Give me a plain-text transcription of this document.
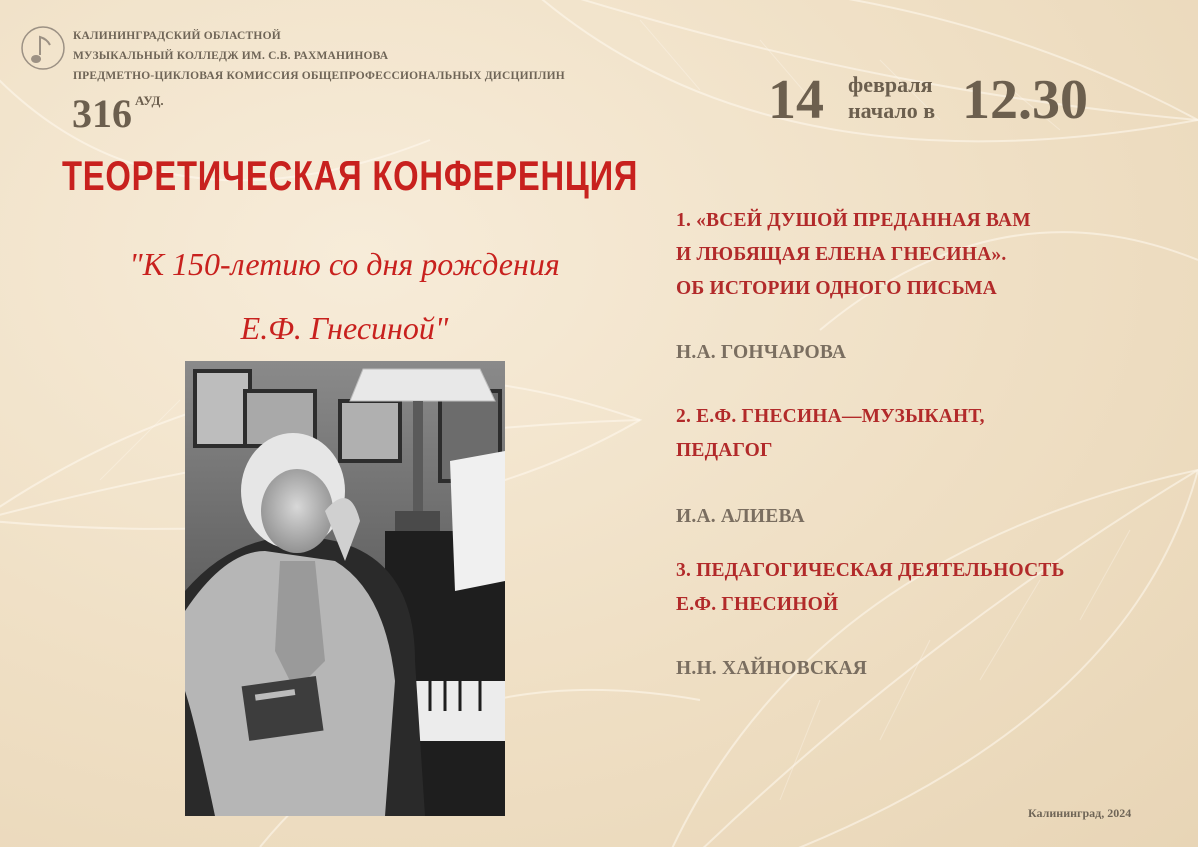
КАЛИНИНГРАДСКИЙ ОБЛАСТНОЙ
МУЗЫКАЛЬНЫЙ КОЛЛЕДЖ ИМ. С.В. РАХМАНИНОВА
ПРЕДМЕТНО-ЦИКЛОВАЯ КОМИССИЯ ОБЩЕПРОФЕССИОНАЛЬНЫХ ДИСЦИПЛИН
316 $^{АУД.}$	14 февраля
начало в 12.30
ТЕОРЕТИЧЕСКАЯ КОНФЕРЕНЦИЯ
"К 150-летию со дня рождения
Е.Ф. Гнесиной"
1. «ВСЕЙ ДУШОЙ ПРЕДАННАЯ ВАМ
И ЛЮБЯЩАЯ ЕЛЕНА ГНЕСИНА».
ОБ ИСТОРИИ ОДНОГО ПИСЬМА
Н.А. ГОНЧАРОВА
2. Е.Ф. ГНЕСИНА—МУЗЫКАНТ,
ПЕДАГОГ
И.А. АЛИЕВА
3. ПЕДАГОГИЧЕСКАЯ ДЕЯТЕЛЬНОСТЬ
Е.Ф. ГНЕСИНОЙ
Н.Н. ХАЙНОВСКАЯ
Калининград, 2024
